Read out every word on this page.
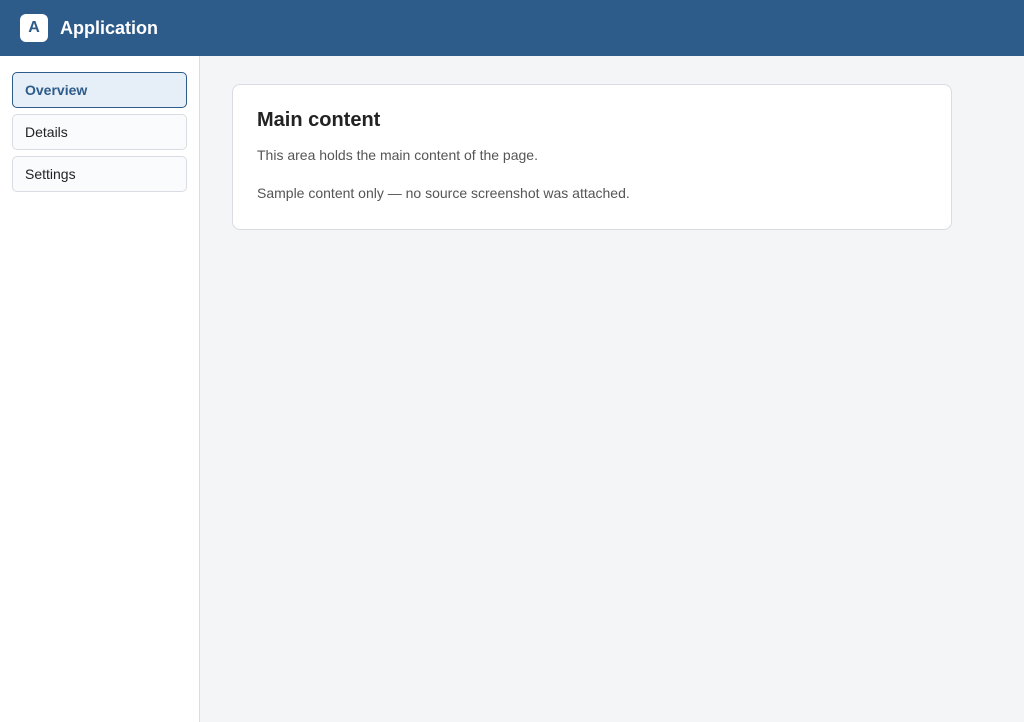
A	Application
Overview
Details
Settings
Main content

This area holds the main content of the page.

Sample content only — no source screenshot was attached.
